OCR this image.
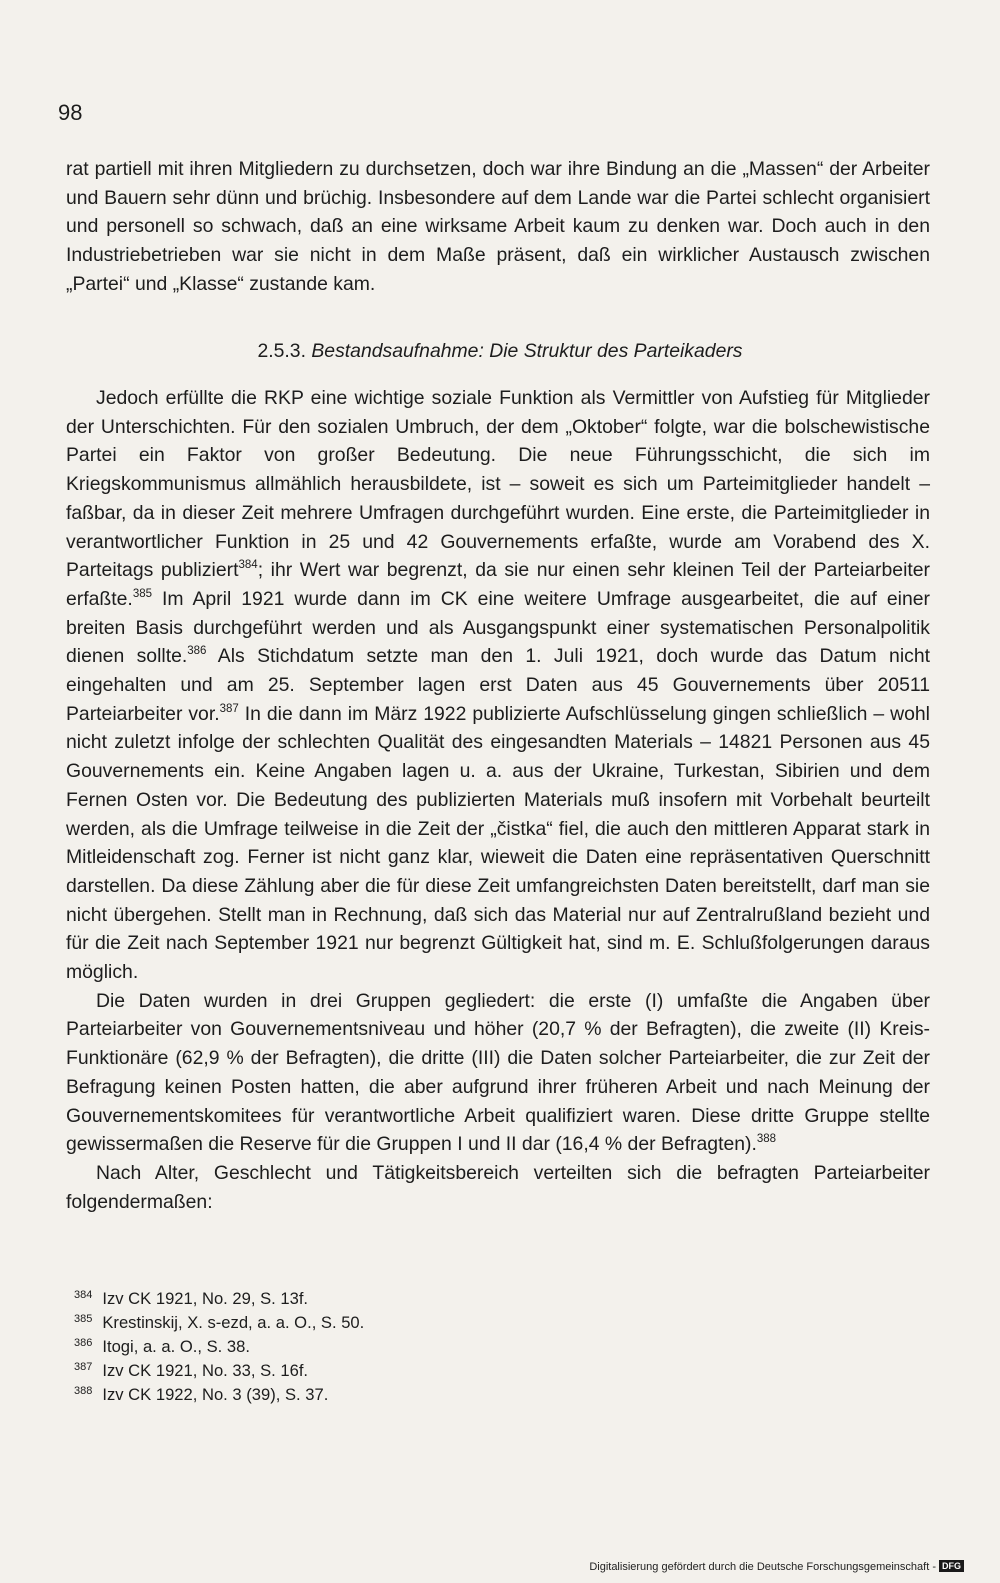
98

rat partiell mit ihren Mitgliedern zu durchsetzen, doch war ihre Bindung an die „Massen“ der Arbeiter und Bauern sehr dünn und brüchig. Insbesondere auf dem Lande war die Partei schlecht organisiert und personell so schwach, daß an eine wirksame Arbeit kaum zu denken war. Doch auch in den Industriebetrieben war sie nicht in dem Maße präsent, daß ein wirklicher Austausch zwischen „Partei“ und „Klasse“ zustande kam.

2.5.3. Bestandsaufnahme: Die Struktur des Parteikaders

Jedoch erfüllte die RKP eine wichtige soziale Funktion als Vermittler von Aufstieg für Mitglieder der Unterschichten. Für den sozialen Umbruch, der dem „Oktober“ folgte, war die bolschewistische Partei ein Faktor von großer Bedeutung. Die neue Führungsschicht, die sich im Kriegskommunismus allmählich herausbildete, ist – soweit es sich um Parteimitglieder handelt – faßbar, da in dieser Zeit mehrere Umfragen durchgeführt wurden. Eine erste, die Parteimitglieder in verantwortlicher Funktion in 25 und 42 Gouvernements erfaßte, wurde am Vorabend des X. Parteitags publiziert$^{384}$; ihr Wert war begrenzt, da sie nur einen sehr kleinen Teil der Parteiarbeiter erfaßte.$^{385}$ Im April 1921 wurde dann im CK eine weitere Umfrage ausgearbeitet, die auf einer breiten Basis durchgeführt werden und als Ausgangspunkt einer systematischen Personalpolitik dienen sollte.$^{386}$ Als Stichdatum setzte man den 1. Juli 1921, doch wurde das Datum nicht eingehalten und am 25. September lagen erst Daten aus 45 Gouvernements über 20511 Parteiarbeiter vor.$^{387}$ In die dann im März 1922 publizierte Aufschlüsselung gingen schließlich – wohl nicht zuletzt infolge der schlechten Qualität des eingesandten Materials – 14821 Personen aus 45 Gouvernements ein. Keine Angaben lagen u. a. aus der Ukraine, Turkestan, Sibirien und dem Fernen Osten vor. Die Bedeutung des publizierten Materials muß insofern mit Vorbehalt beurteilt werden, als die Umfrage teilweise in die Zeit der „čistka“ fiel, die auch den mittleren Apparat stark in Mitleidenschaft zog. Ferner ist nicht ganz klar, wieweit die Daten eine repräsentativen Querschnitt darstellen. Da diese Zählung aber die für diese Zeit umfangreichsten Daten bereitstellt, darf man sie nicht übergehen. Stellt man in Rechnung, daß sich das Material nur auf Zentralrußland bezieht und für die Zeit nach September 1921 nur begrenzt Gültigkeit hat, sind m. E. Schlußfolgerungen daraus möglich.

Die Daten wurden in drei Gruppen gegliedert: die erste (I) umfaßte die Angaben über Parteiarbeiter von Gouvernementsniveau und höher (20,7 % der Befragten), die zweite (II) Kreis-Funktionäre (62,9 % der Befragten), die dritte (III) die Daten solcher Parteiarbeiter, die zur Zeit der Befragung keinen Posten hatten, die aber aufgrund ihrer früheren Arbeit und nach Meinung der Gouvernementskomitees für verantwortliche Arbeit qualifiziert waren. Diese dritte Gruppe stellte gewissermaßen die Reserve für die Gruppen I und II dar (16,4 % der Befragten).$^{388}$

Nach Alter, Geschlecht und Tätigkeitsbereich verteilten sich die befragten Parteiarbeiter folgendermaßen:

$^{384}$ Izv CK 1921, No. 29, S. 13f.
$^{385}$ Krestinskij, X. s-ezd, a. a. O., S. 50.
$^{386}$ Itogi, a. a. O., S. 38.
$^{387}$ Izv CK 1921, No. 33, S. 16f.
$^{388}$ Izv CK 1922, No. 3 (39), S. 37.
Digitalisierung gefördert durch die Deutsche Forschungsgemeinschaft - DFG
